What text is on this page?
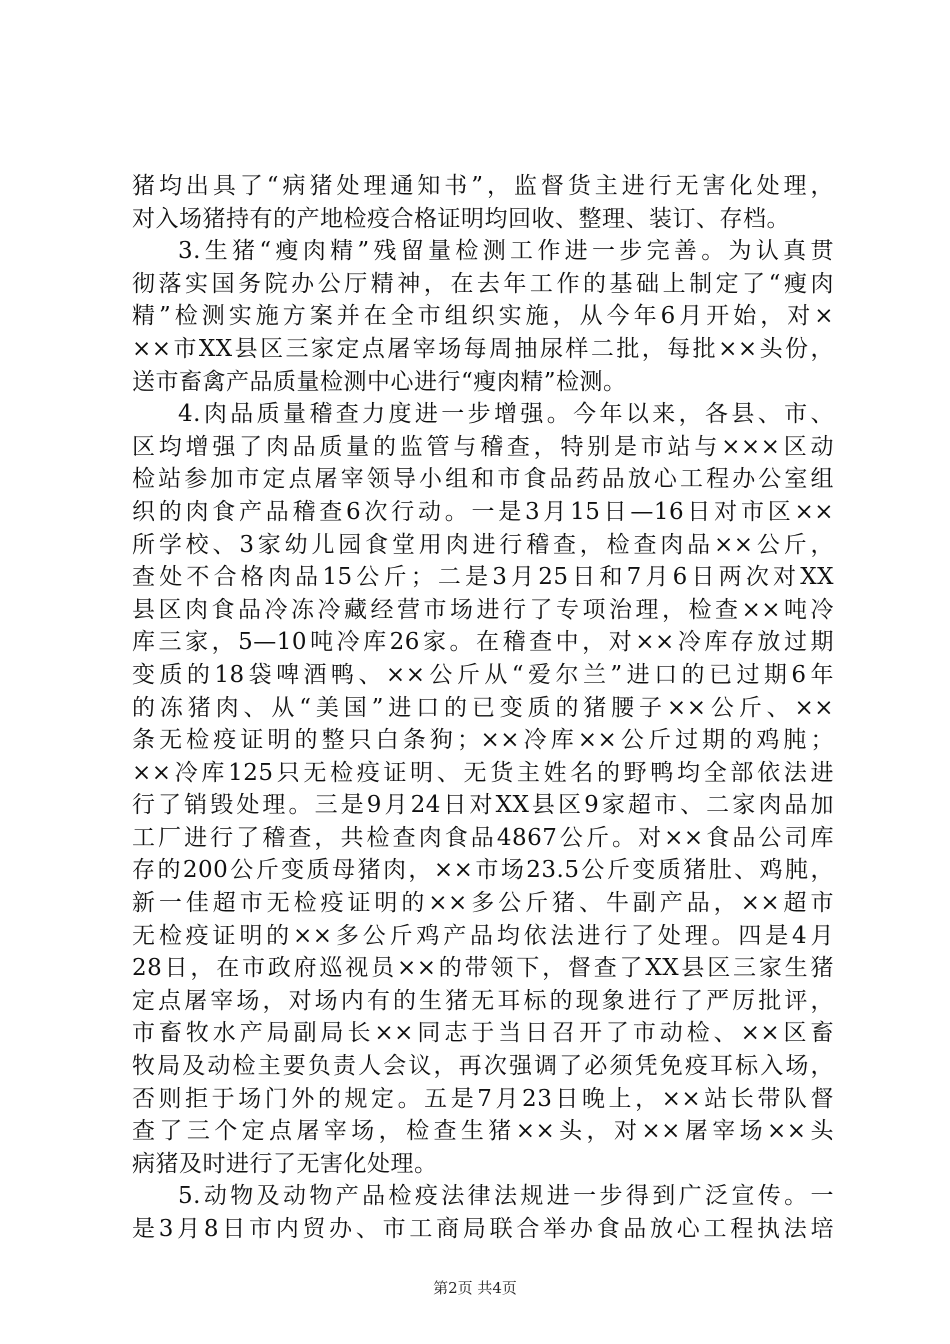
猪均出具了“病猪处理通知书”，监督货主进行无害化处理，
对入场猪持有的产地检疫合格证明均回收、整理、装订、存档。
3.生猪“瘦肉精”残留量检测工作进一步完善。为认真贯
彻落实国务院办公厅精神，在去年工作的基础上制定了“瘦肉
精”检测实施方案并在全市组织实施，从今年6月开始，对×
××市XX县区三家定点屠宰场每周抽尿样二批，每批××头份，
送市畜禽产品质量检测中心进行“瘦肉精”检测。
4.肉品质量稽查力度进一步增强。今年以来，各县、市、
区均增强了肉品质量的监管与稽查，特别是市站与×××区动
检站参加市定点屠宰领导小组和市食品药品放心工程办公室组
织的肉食产品稽查6次行动。一是3月15日—16日对市区××
所学校、3家幼儿园食堂用肉进行稽查，检查肉品××公斤，
查处不合格肉品15公斤；二是3月25日和7月6日两次对XX
县区肉食品冷冻冷藏经营市场进行了专项治理，检查××吨冷
库三家，5—10吨冷库26家。在稽查中，对××冷库存放过期
变质的18袋啤酒鸭、××公斤从“爱尔兰”进口的已过期6年
的冻猪肉、从“美国”进口的已变质的猪腰子××公斤、××
条无检疫证明的整只白条狗；××冷库××公斤过期的鸡肫；
××冷库125只无检疫证明、无货主姓名的野鸭均全部依法进
行了销毁处理。三是9月24日对XX县区9家超市、二家肉品加
工厂进行了稽查，共检查肉食品4867公斤。对××食品公司库
存的200公斤变质母猪肉，××市场23.5公斤变质猪肚、鸡肫，
新一佳超市无检疫证明的××多公斤猪、牛副产品，××超市
无检疫证明的××多公斤鸡产品均依法进行了处理。四是4月
28日，在市政府巡视员××的带领下，督查了XX县区三家生猪
定点屠宰场，对场内有的生猪无耳标的现象进行了严厉批评，
市畜牧水产局副局长××同志于当日召开了市动检、××区畜
牧局及动检主要负责人会议，再次强调了必须凭免疫耳标入场，
否则拒于场门外的规定。五是7月23日晚上，××站长带队督
查了三个定点屠宰场，检查生猪××头，对××屠宰场××头
病猪及时进行了无害化处理。
5.动物及动物产品检疫法律法规进一步得到广泛宣传。一
是3月8日市内贸办、市工商局联合举办食品放心工程执法培
第2页 共4页
